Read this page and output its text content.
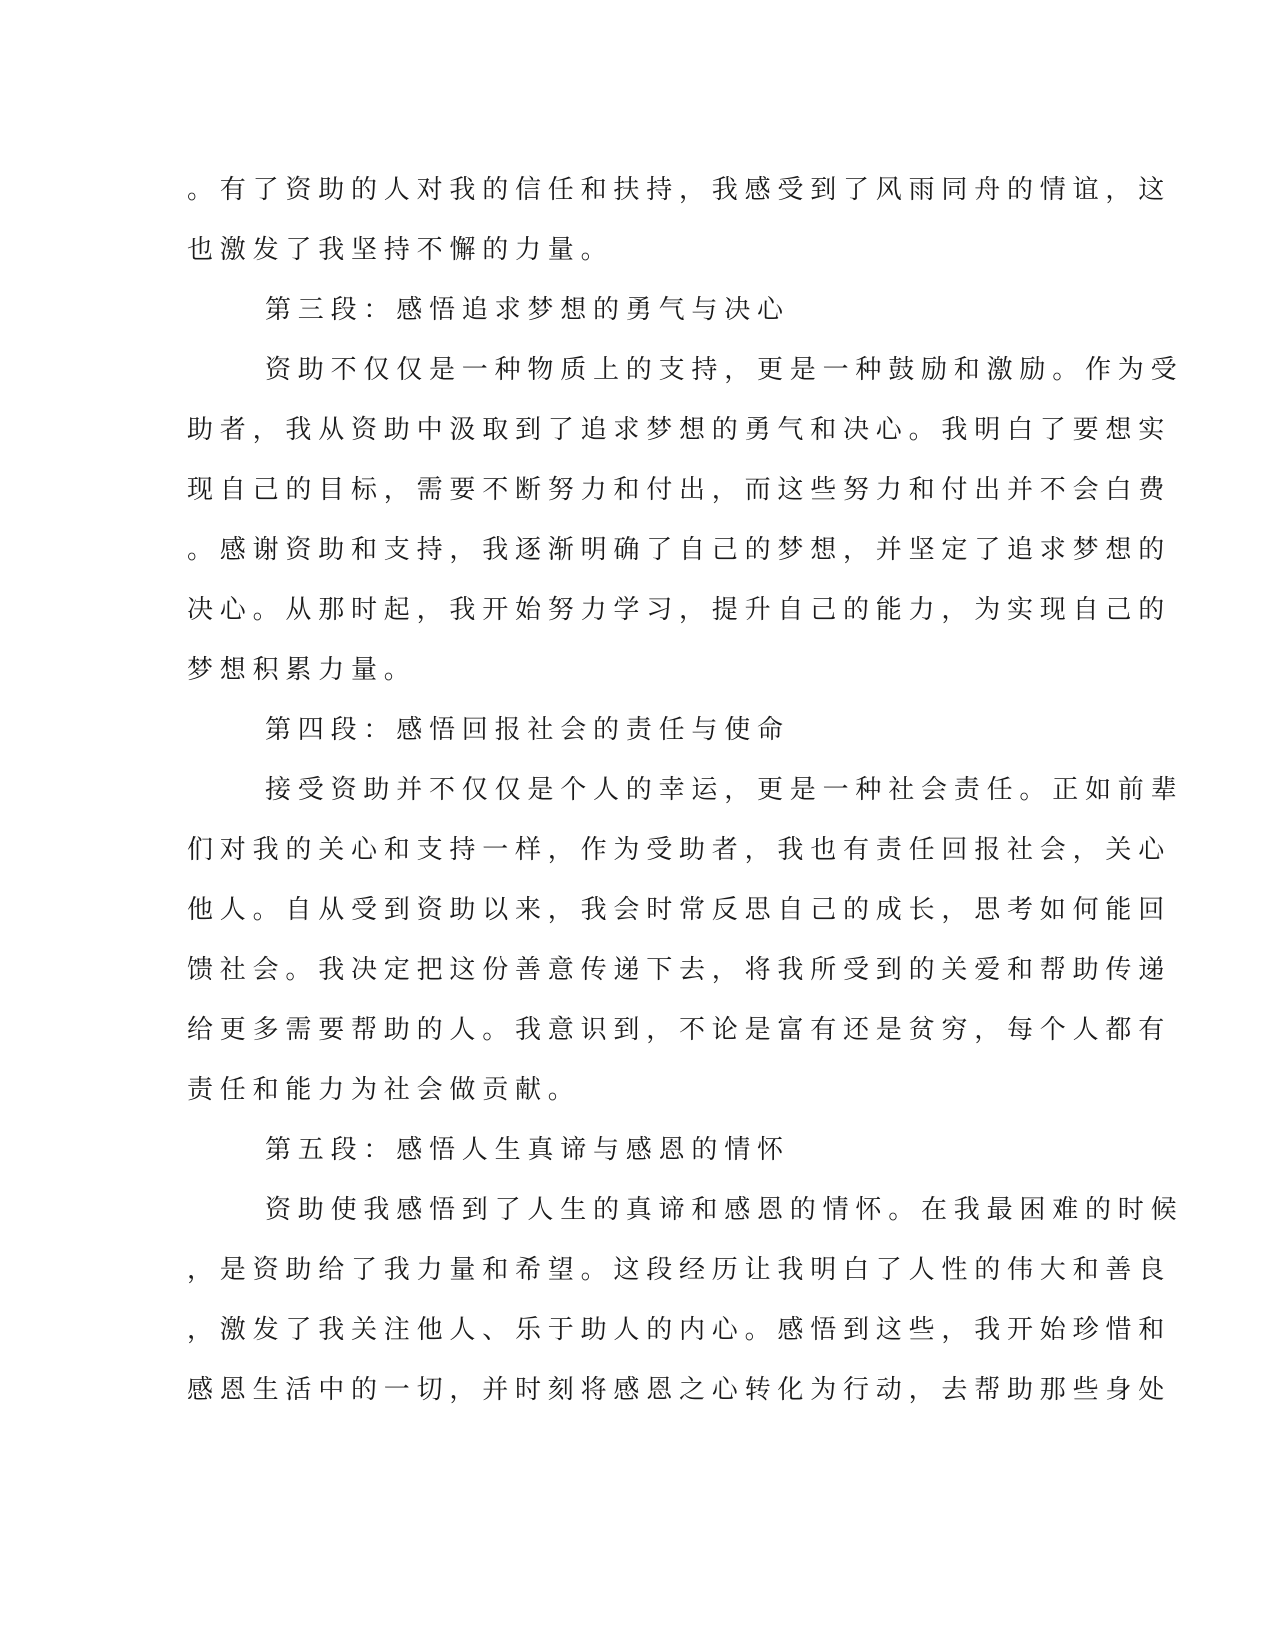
。有了资助的人对我的信任和扶持，我感受到了风雨同舟的情谊，这
也激发了我坚持不懈的力量。
第三段：感悟追求梦想的勇气与决心
资助不仅仅是一种物质上的支持，更是一种鼓励和激励。作为受
助者，我从资助中汲取到了追求梦想的勇气和决心。我明白了要想实
现自己的目标，需要不断努力和付出，而这些努力和付出并不会白费
。感谢资助和支持，我逐渐明确了自己的梦想，并坚定了追求梦想的
决心。从那时起，我开始努力学习，提升自己的能力，为实现自己的
梦想积累力量。
第四段：感悟回报社会的责任与使命
接受资助并不仅仅是个人的幸运，更是一种社会责任。正如前辈
们对我的关心和支持一样，作为受助者，我也有责任回报社会，关心
他人。自从受到资助以来，我会时常反思自己的成长，思考如何能回
馈社会。我决定把这份善意传递下去，将我所受到的关爱和帮助传递
给更多需要帮助的人。我意识到，不论是富有还是贫穷，每个人都有
责任和能力为社会做贡献。
第五段：感悟人生真谛与感恩的情怀
资助使我感悟到了人生的真谛和感恩的情怀。在我最困难的时候
，是资助给了我力量和希望。这段经历让我明白了人性的伟大和善良
，激发了我关注他人、乐于助人的内心。感悟到这些，我开始珍惜和
感恩生活中的一切，并时刻将感恩之心转化为行动，去帮助那些身处
